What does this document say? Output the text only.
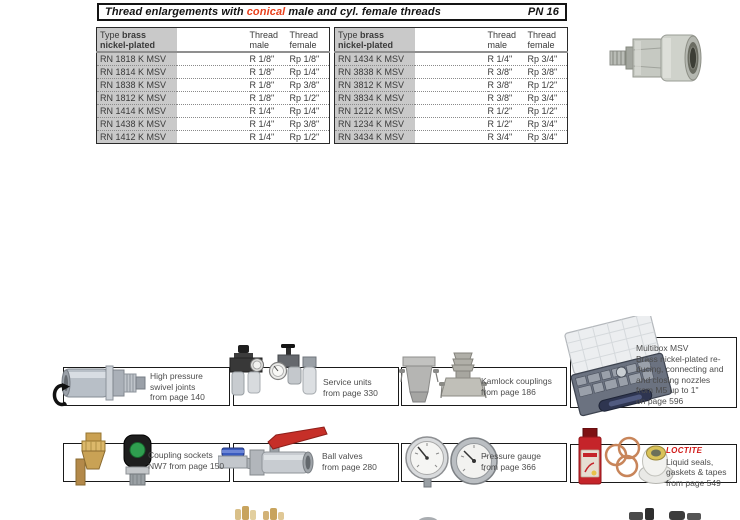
Thread enlargements with conical male and cyl. female threads	PN 16
Type brass
nickel-plated

Thread
male

Thread
female

RN 1818 K MSV		R 1/8"	Rp 1/8"
RN 1814 K MSV		R 1/8"	Rp 1/4"
RN 1838 K MSV		R 1/8"	Rp 3/8"
RN 1812 K MSV		R 1/8"	Rp 1/2"
RN 1414 K MSV		R 1/4"	Rp 1/4"
RN 1438 K MSV		R 1/4"	Rp 3/8"
RN 1412 K MSV		R 1/4"	Rp 1/2"
Type brass
nickel-plated

Thread
male

Thread
female

RN 1434 K MSV		R 1/4"	Rp 3/4"
RN 3838 K MSV		R 3/8"	Rp 3/8"
RN 3812 K MSV		R 3/8"	Rp 1/2"
RN 3834 K MSV		R 3/8"	Rp 3/4"
RN 1212 K MSV		R 1/2"	Rp 1/2"
RN 1234 K MSV		R 1/2"	Rp 3/4"
RN 3434 K MSV		R 3/4"	Rp 3/4"
High pressure
swivel joints
from page 140
Service units
from page 330
Kamlock couplings
from page 186
Multibox MSV
Brass nickel-plated re-
ducing, connecting and
and closing nozzles
from M5 up to 1"
on page 596
Coupling sockets
NW7 from page 150
Ball valves
from page 280
Pressure gauge
from page 366
LOCTITE
Liquid seals,
gaskets & tapes
from page 549
